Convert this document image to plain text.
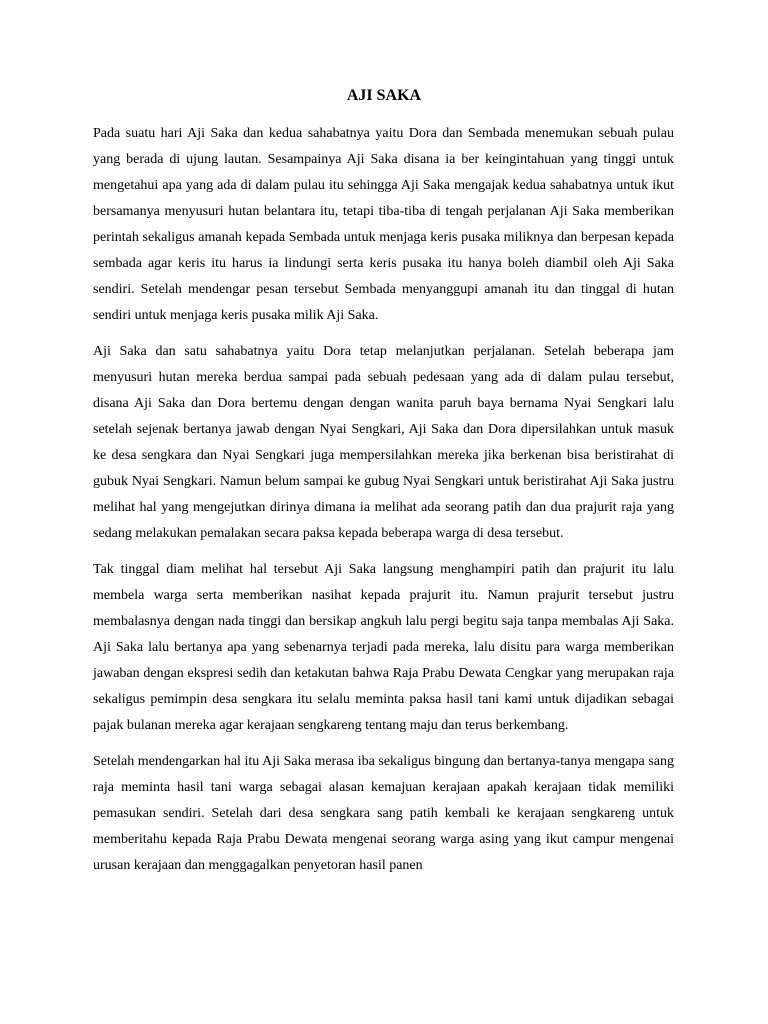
AJI SAKA

Pada suatu hari Aji Saka dan kedua sahabatnya yaitu Dora dan Sembada menemukan sebuah pulau yang berada di ujung lautan. Sesampainya Aji Saka disana ia ber keingintahuan yang tinggi untuk mengetahui apa yang ada di dalam pulau itu sehingga Aji Saka mengajak kedua sahabatnya untuk ikut bersamanya menyusuri hutan belantara itu, tetapi tiba-tiba di tengah perjalanan Aji Saka memberikan perintah sekaligus amanah kepada Sembada untuk menjaga keris pusaka miliknya dan berpesan kepada sembada agar keris itu harus ia lindungi serta keris pusaka itu hanya boleh diambil oleh Aji Saka sendiri. Setelah mendengar pesan tersebut Sembada menyanggupi amanah itu dan tinggal di hutan sendiri untuk menjaga keris pusaka milik Aji Saka.

Aji Saka dan satu sahabatnya yaitu Dora tetap melanjutkan perjalanan. Setelah beberapa jam menyusuri hutan mereka berdua sampai pada sebuah pedesaan yang ada di dalam pulau tersebut, disana Aji Saka dan Dora bertemu dengan dengan wanita paruh baya bernama Nyai Sengkari lalu setelah sejenak bertanya jawab dengan Nyai Sengkari, Aji Saka dan Dora dipersilahkan untuk masuk ke desa sengkara dan Nyai Sengkari juga mempersilahkan mereka jika berkenan bisa beristirahat di gubuk Nyai Sengkari. Namun belum sampai ke gubug Nyai Sengkari untuk beristirahat Aji Saka justru melihat hal yang mengejutkan dirinya dimana ia melihat ada seorang patih dan dua prajurit raja yang sedang melakukan pemalakan secara paksa kepada beberapa warga di desa tersebut.

Tak tinggal diam melihat hal tersebut Aji Saka langsung menghampiri patih dan prajurit itu lalu membela warga serta memberikan nasihat kepada prajurit itu. Namun prajurit tersebut justru membalasnya dengan nada tinggi dan bersikap angkuh lalu pergi begitu saja tanpa membalas Aji Saka. Aji Saka lalu bertanya apa yang sebenarnya terjadi pada mereka, lalu disitu para warga memberikan jawaban dengan ekspresi sedih dan ketakutan bahwa Raja Prabu Dewata Cengkar yang merupakan raja sekaligus pemimpin desa sengkara itu selalu meminta paksa hasil tani kami untuk dijadikan sebagai pajak bulanan mereka agar kerajaan sengkareng tentang maju dan terus berkembang.

Setelah mendengarkan hal itu Aji Saka merasa iba sekaligus bingung dan bertanya-tanya mengapa sang raja meminta hasil tani warga sebagai alasan kemajuan kerajaan apakah kerajaan tidak memiliki pemasukan sendiri. Setelah dari desa sengkara sang patih kembali ke kerajaan sengkareng untuk memberitahu kepada Raja Prabu Dewata mengenai seorang warga asing yang ikut campur mengenai urusan kerajaan dan menggagalkan penyetoran hasil panen
